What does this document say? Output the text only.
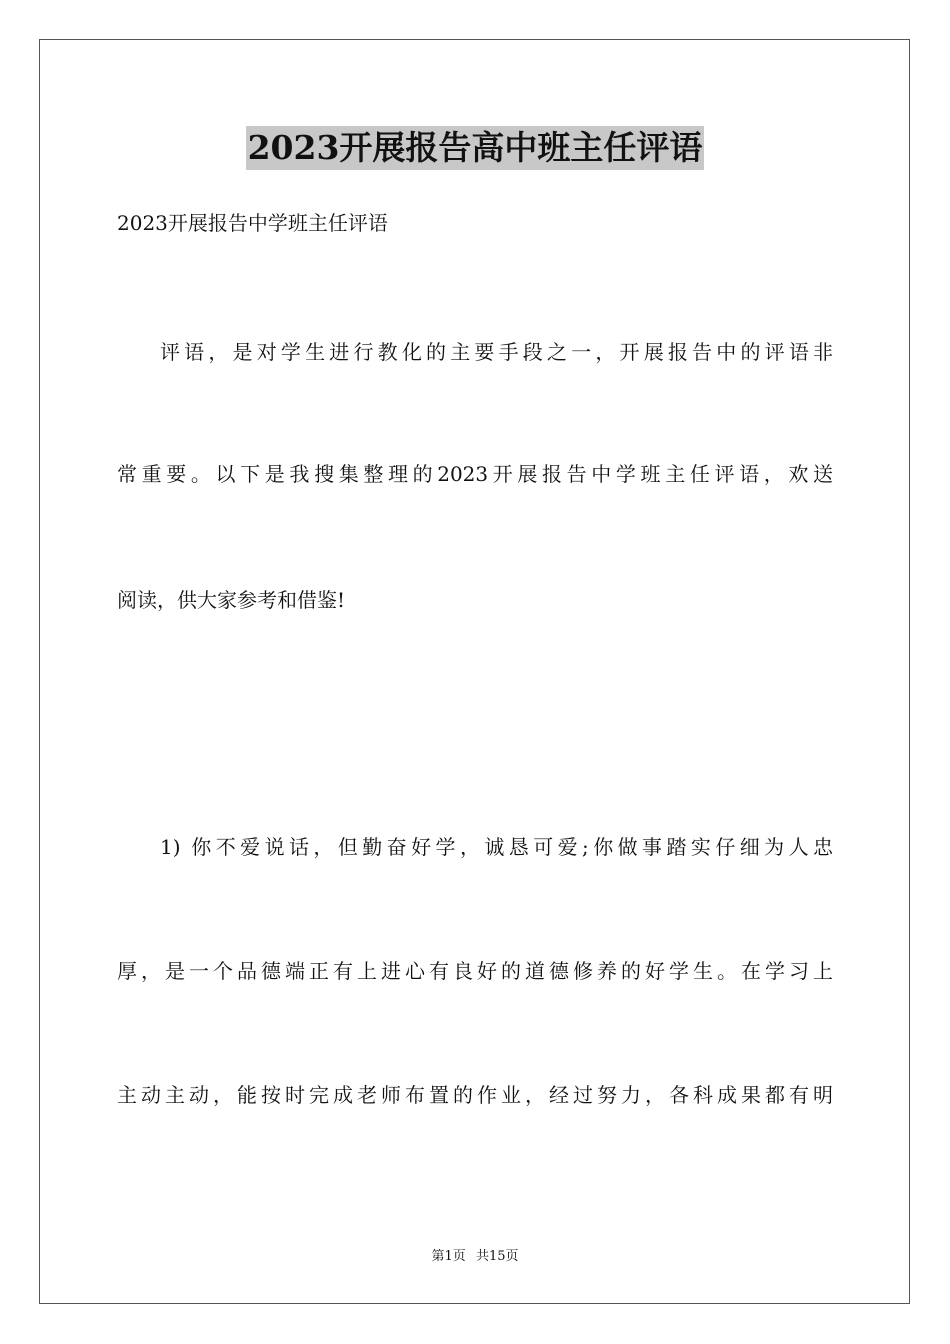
2023开展报告高中班主任评语
2023开展报告中学班主任评语
评语，是对学生进行教化的主要手段之一，开展报告中的评语非
常重要。以下是我搜集整理的2023开展报告中学班主任评语，欢送
阅读，供大家参考和借鉴!
1) 你不爱说话，但勤奋好学，诚恳可爱;你做事踏实仔细为人忠
厚，是一个品德端正有上进心有良好的道德修养的好学生。在学习上
主动主动，能按时完成老师布置的作业，经过努力，各科成果都有明
第1页 共15页
